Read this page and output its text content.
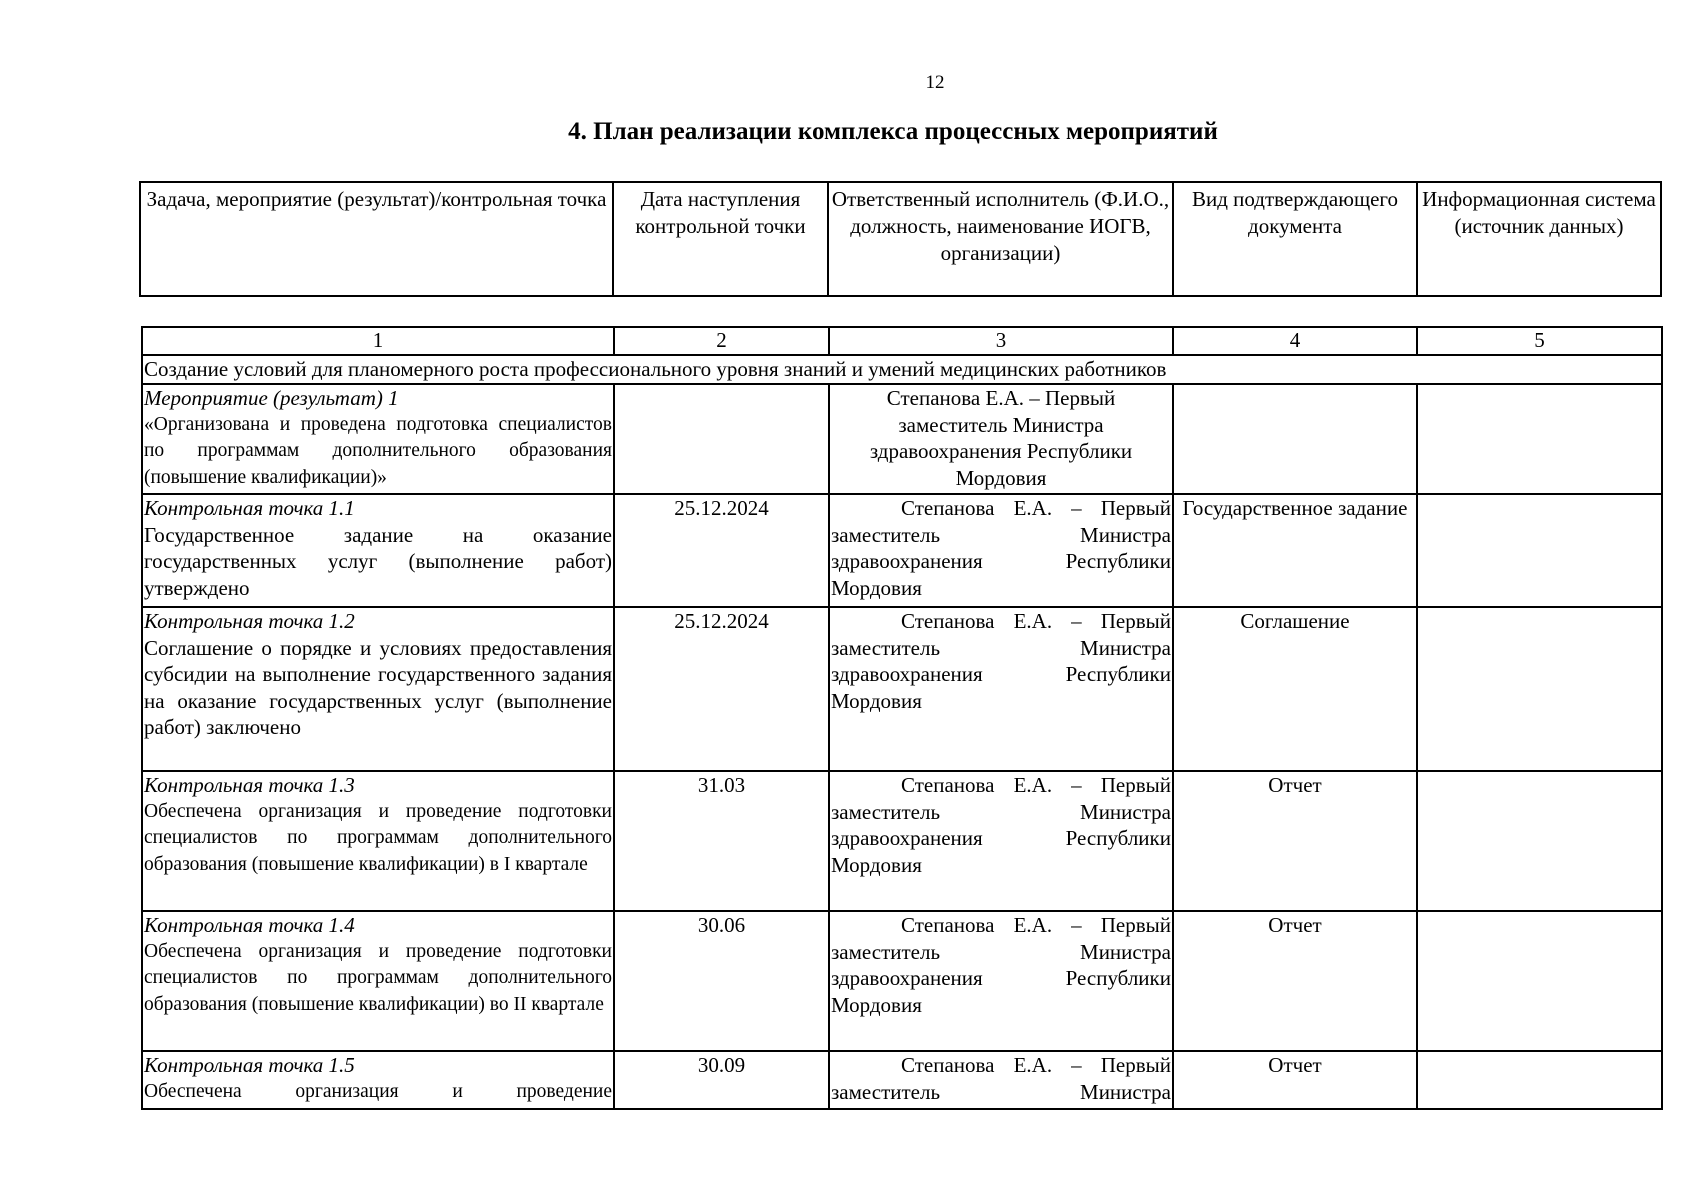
12
4. План реализации комплекса процессных мероприятий
Задача, мероприятие (результат)/контрольная точка	Дата наступления контрольной точки	Ответственный исполнитель (Ф.И.О., должность, наименование ИОГВ, организации)	Вид подтверждающего документа	Информационная система (источник данных)
1	2	3	4	5
Создание условий для планомерного роста профессионального уровня знаний и умений медицинских работников				

Мероприятие (результат) 1
«Организована и проведена подготовка специалистов по программам дополнительного образования (повышение квалификации)»		Степанова Е.А. – Первый заместитель Министра здравоохранения Республики Мордовия		

Контрольная точка 1.1
Государственное задание на оказание государственных услуг (выполнение работ) утверждено	25.12.2024	Степанова Е.А. – Первый заместитель Министра здравоохранения Республики Мордовия	Государственное задание	

Контрольная точка 1.2
Соглашение о порядке и условиях предоставления субсидии на выполнение государственного задания на оказание государственных услуг (выполнение работ) заключено	25.12.2024	Степанова Е.А. – Первый заместитель Министра здравоохранения Республики Мордовия	Соглашение	

Контрольная точка 1.3
Обеспечена организация и проведение подготовки специалистов по программам дополнительного образования (повышение квалификации) в I квартале	31.03	Степанова Е.А. – Первый заместитель Министра здравоохранения Республики Мордовия	Отчет	

Контрольная точка 1.4
Обеспечена организация и проведение подготовки специалистов по программам дополнительного образования (повышение квалификации) во II квартале	30.06	Степанова Е.А. – Первый заместитель Министра здравоохранения Республики Мордовия	Отчет	

Контрольная точка 1.5
Обеспечена организация и проведение	30.09	Степанова Е.А. – Первый заместитель Министра	Отчет	
